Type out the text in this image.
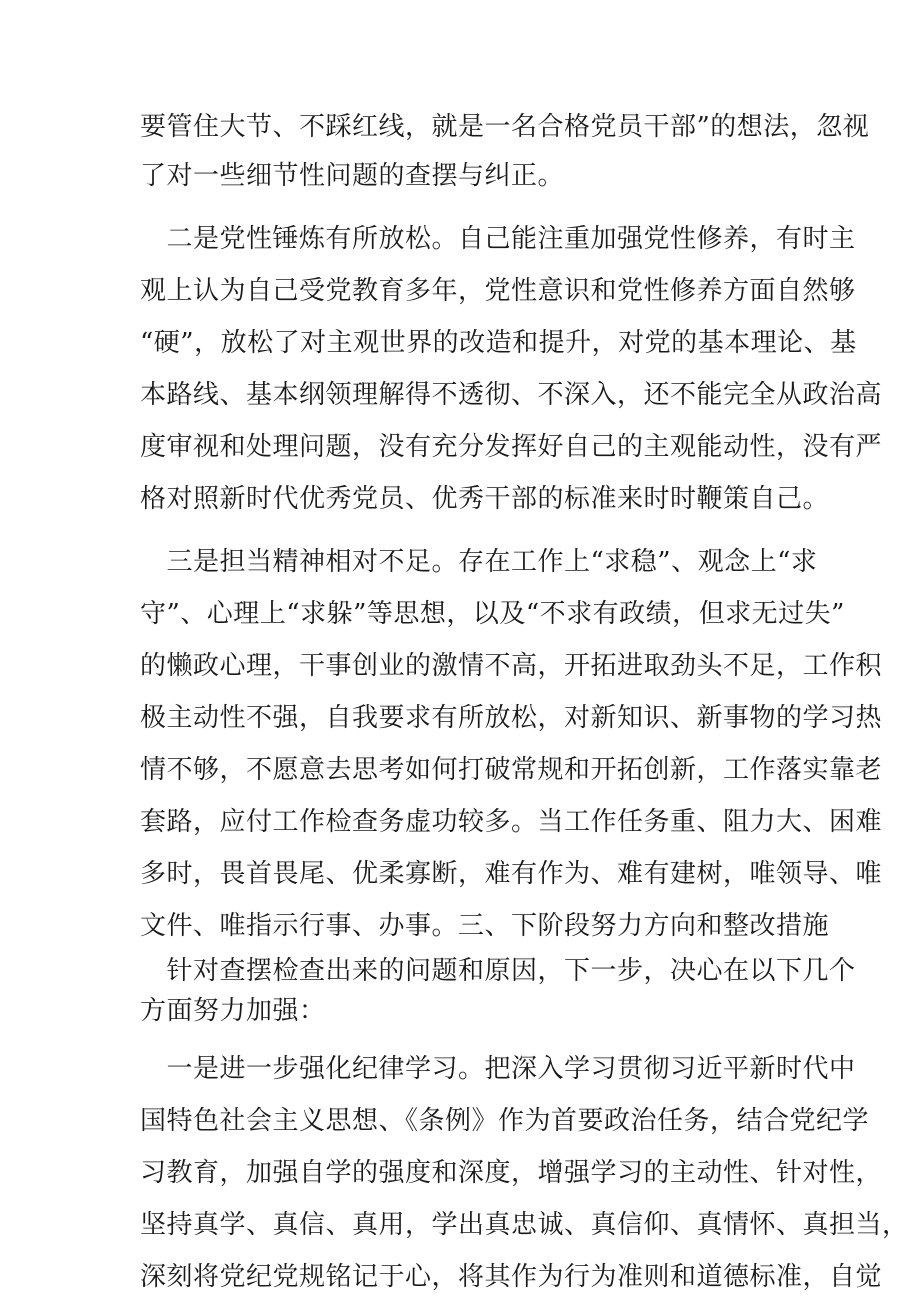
要管住大节、不踩红线，就是一名合格党员干部”的想法，忽视
了对一些细节性问题的查摆与纠正。
　二是党性锤炼有所放松。自己能注重加强党性修养，有时主
观上认为自己受党教育多年，党性意识和党性修养方面自然够
“硬”，放松了对主观世界的改造和提升，对党的基本理论、基
本路线、基本纲领理解得不透彻、不深入，还不能完全从政治高
度审视和处理问题，没有充分发挥好自己的主观能动性，没有严
格对照新时代优秀党员、优秀干部的标准来时时鞭策自己。
　三是担当精神相对不足。存在工作上“求稳”、观念上“求
守”、心理上“求躲”等思想，以及“不求有政绩，但求无过失”
的懒政心理，干事创业的激情不高，开拓进取劲头不足，工作积
极主动性不强，自我要求有所放松，对新知识、新事物的学习热
情不够，不愿意去思考如何打破常规和开拓创新，工作落实靠老
套路，应付工作检查务虚功较多。当工作任务重、阻力大、困难
多时，畏首畏尾、优柔寡断，难有作为、难有建树，唯领导、唯
文件、唯指示行事、办事。三、下阶段努力方向和整改措施
　针对查摆检查出来的问题和原因，下一步，决心在以下几个
方面努力加强：
　一是进一步强化纪律学习。把深入学习贯彻习近平新时代中
国特色社会主义思想、《条例》作为首要政治任务，结合党纪学
习教育，加强自学的强度和深度，增强学习的主动性、针对性，
坚持真学、真信、真用，学出真忠诚、真信仰、真情怀、真担当，
深刻将党纪党规铭记于心，将其作为行为准则和道德标准，自觉
